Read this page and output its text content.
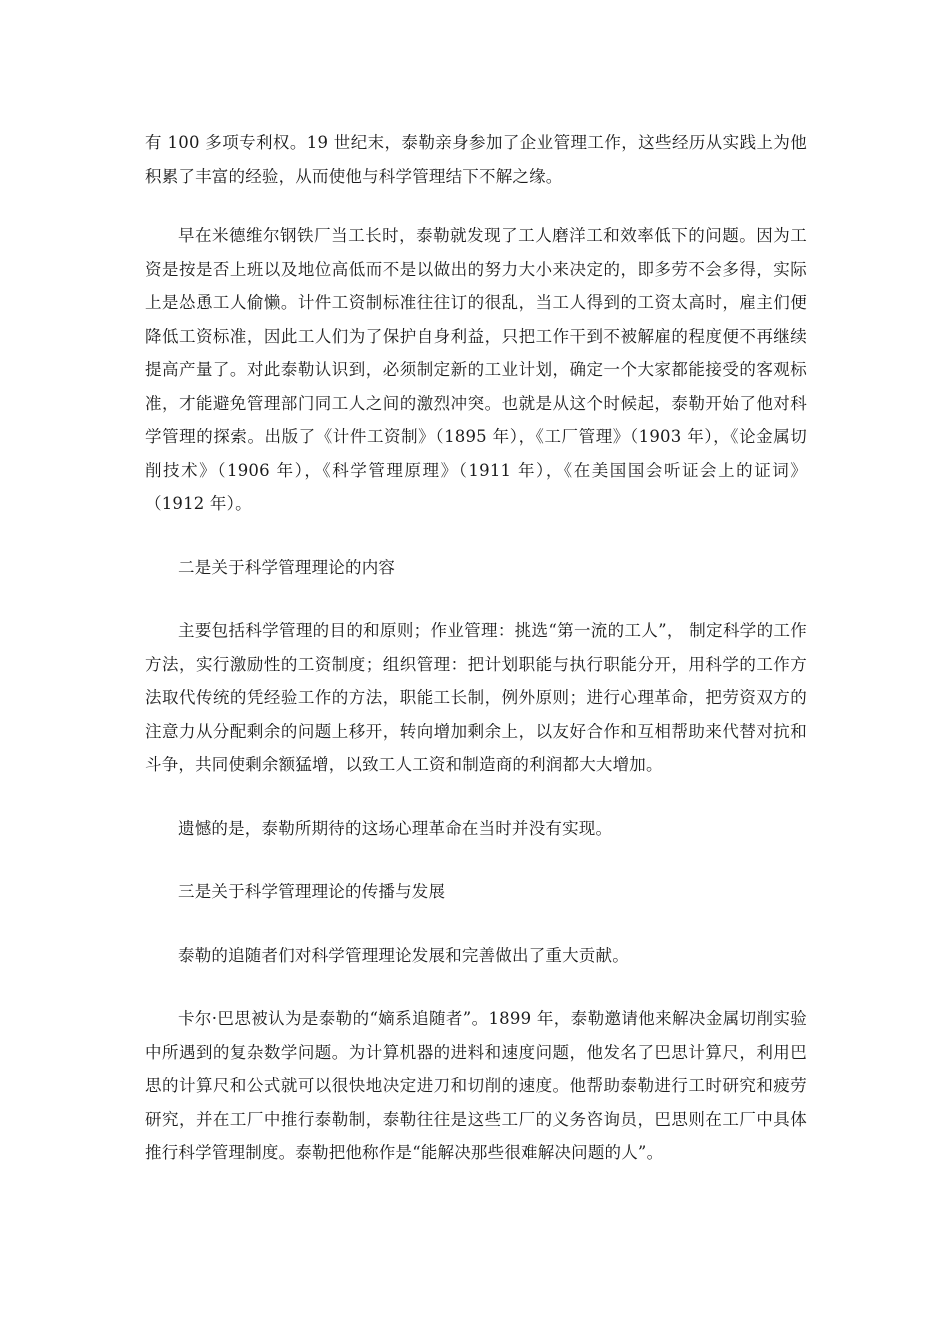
有 100 多项专利权。19 世纪末，泰勒亲身参加了企业管理工作，这些经历从实践上为他积累了丰富的经验，从而使他与科学管理结下不解之缘。

早在米德维尔钢铁厂当工长时，泰勒就发现了工人磨洋工和效率低下的问题。因为工资是按是否上班以及地位高低而不是以做出的努力大小来决定的，即多劳不会多得，实际上是怂恿工人偷懒。计件工资制标准往往订的很乱，当工人得到的工资太高时，雇主们便降低工资标准，因此工人们为了保护自身利益，只把工作干到不被解雇的程度便不再继续提高产量了。对此泰勒认识到，必须制定新的工业计划，确定一个大家都能接受的客观标准，才能避免管理部门同工人之间的激烈冲突。也就是从这个时候起，泰勒开始了他对科学管理的探索。出版了《计件工资制》（1895 年），《工厂管理》（1903 年），《论金属切削技术》（1906 年），《科学管理原理》（1911 年），《在美国国会听证会上的证词》（1912 年）。

二是关于科学管理理论的内容

主要包括科学管理的目的和原则；作业管理：挑选“第一流的工人”， 制定科学的工作方法，实行激励性的工资制度；组织管理：把计划职能与执行职能分开，用科学的工作方法取代传统的凭经验工作的方法，职能工长制，例外原则；进行心理革命，把劳资双方的注意力从分配剩余的问题上移开，转向增加剩余上，以友好合作和互相帮助来代替对抗和斗争，共同使剩余额猛增，以致工人工资和制造商的利润都大大增加。

遗憾的是，泰勒所期待的这场心理革命在当时并没有实现。

三是关于科学管理理论的传播与发展

泰勒的追随者们对科学管理理论发展和完善做出了重大贡献。

卡尔·巴思被认为是泰勒的“嫡系追随者”。1899 年，泰勒邀请他来解决金属切削实验中所遇到的复杂数学问题。为计算机器的进料和速度问题，他发名了巴思计算尺，利用巴思的计算尺和公式就可以很快地决定进刀和切削的速度。他帮助泰勒进行工时研究和疲劳研究，并在工厂中推行泰勒制，泰勒往往是这些工厂的义务咨询员，巴思则在工厂中具体推行科学管理制度。泰勒把他称作是“能解决那些很难解决问题的人”。
